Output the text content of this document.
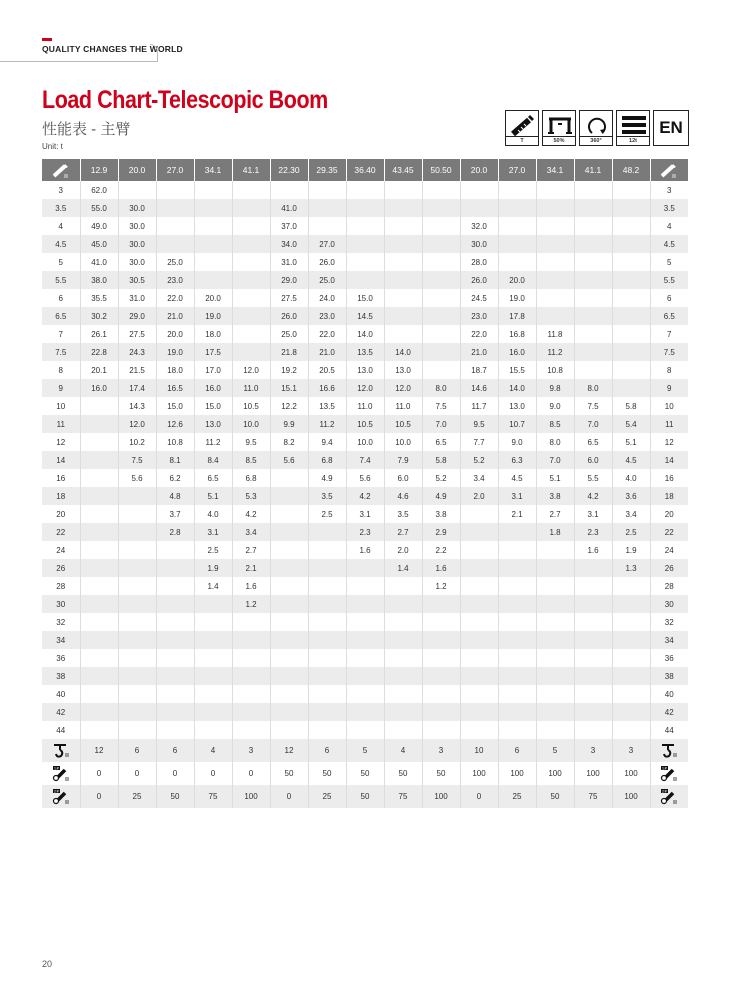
QUALITY CHANGES THE WORLD
Load Chart-Telescopic Boom
性能表 - 主臂
Unit: t
T	50%	360°	12t
EN
	12.9	20.0	27.0	34.1	41.1	22.30	29.35	36.40	43.45	50.50	20.0	27.0	34.1	41.1	48.2	
3	62.0															3
3.5	55.0	30.0				41.0										3.5
4	49.0	30.0				37.0					32.0					4
4.5	45.0	30.0				34.0	27.0				30.0					4.5
5	41.0	30.0	25.0			31.0	26.0				28.0					5
5.5	38.0	30.5	23.0			29.0	25.0				26.0	20.0				5.5
6	35.5	31.0	22.0	20.0		27.5	24.0	15.0			24.5	19.0				6
6.5	30.2	29.0	21.0	19.0		26.0	23.0	14.5			23.0	17.8				6.5
7	26.1	27.5	20.0	18.0		25.0	22.0	14.0			22.0	16.8	11.8			7
7.5	22.8	24.3	19.0	17.5		21.8	21.0	13.5	14.0		21.0	16.0	11.2			7.5
8	20.1	21.5	18.0	17.0	12.0	19.2	20.5	13.0	13.0		18.7	15.5	10.8			8
9	16.0	17.4	16.5	16.0	11.0	15.1	16.6	12.0	12.0	8.0	14.6	14.0	9.8	8.0		9
10		14.3	15.0	15.0	10.5	12.2	13.5	11.0	11.0	7.5	11.7	13.0	9.0	7.5	5.8	10
11		12.0	12.6	13.0	10.0	9.9	11.2	10.5	10.5	7.0	9.5	10.7	8.5	7.0	5.4	11
12		10.2	10.8	11.2	9.5	8.2	9.4	10.0	10.0	6.5	7.7	9.0	8.0	6.5	5.1	12
14		7.5	8.1	8.4	8.5	5.6	6.8	7.4	7.9	5.8	5.2	6.3	7.0	6.0	4.5	14
16		5.6	6.2	6.5	6.8		4.9	5.6	6.0	5.2	3.4	4.5	5.1	5.5	4.0	16
18			4.8	5.1	5.3		3.5	4.2	4.6	4.9	2.0	3.1	3.8	4.2	3.6	18
20			3.7	4.0	4.2		2.5	3.1	3.5	3.8		2.1	2.7	3.1	3.4	20
22			2.8	3.1	3.4			2.3	2.7	2.9			1.8	2.3	2.5	22
24				2.5	2.7			1.6	2.0	2.2				1.6	1.9	24
26				1.9	2.1				1.4	1.6					1.3	26
28				1.4	1.6					1.2						28
30					1.2											30
32																32
34																34
36																36
38																38
40																40
42																42
44																44
	12	6	6	4	3	12	6	5	4	3	10	6	5	3	3	

1#	0	0	0	0	0	50	50	50	50	50	100	100	100	100	100	1#

2#	0	25	50	75	100	0	25	50	75	100	0	25	50	75	100	2#
20
